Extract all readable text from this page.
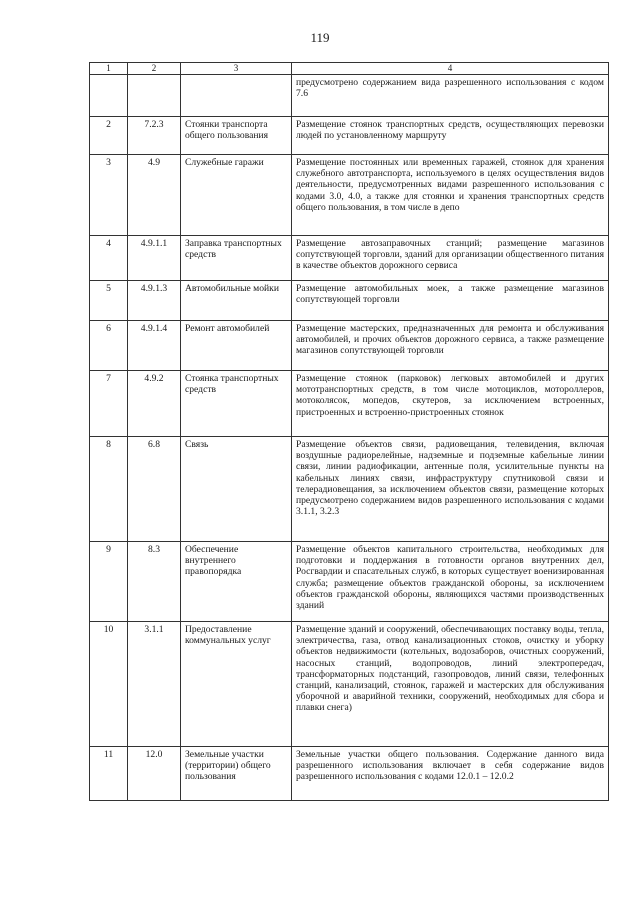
119
1	2	3	4
			предусмотрено содержанием вида разрешенного использования с кодом 7.6
2	7.2.3	Стоянки транспорта общего пользования	Размещение стоянок транспортных средств, осуществляющих перевозки людей по установленному маршруту
3	4.9	Служебные гаражи	Размещение постоянных или временных гаражей, стоянок для хранения служебного автотранспорта, используемого в целях осуществления видов деятельности, предусмотренных видами разрешенного использования с кодами 3.0, 4.0, а также для стоянки и хранения транспортных средств общего пользования, в том числе в депо
4	4.9.1.1	Заправка транспортных средств	Размещение автозаправочных станций; размещение магазинов сопутствующей торговли, зданий для организации общественного питания в качестве объектов дорожного сервиса
5	4.9.1.3	Автомобильные мойки	Размещение автомобильных моек, а также размещение магазинов сопутствующей торговли
6	4.9.1.4	Ремонт автомобилей	Размещение мастерских, предназначенных для ремонта и обслуживания автомобилей, и прочих объектов дорожного сервиса, а также размещение магазинов сопутствующей торговли
7	4.9.2	Стоянка транспортных средств	Размещение стоянок (парковок) легковых автомобилей и других мототранспортных средств, в том числе мотоциклов, мотороллеров, мотоколясок, мопедов, скутеров, за исключением встроенных, пристроенных и встроенно-пристроенных стоянок
8	6.8	Связь	Размещение объектов связи, радиовещания, телевидения, включая воздушные радиорелейные, надземные и подземные кабельные линии связи, линии радиофикации, антенные поля, усилительные пункты на кабельных линиях связи, инфраструктуру спутниковой связи и телерадиовещания, за исключением объектов связи, размещение которых предусмотрено содержанием видов разрешенного использования с кодами 3.1.1, 3.2.3
9	8.3	Обеспечение внутреннего правопорядка	Размещение объектов капитального строительства, необходимых для подготовки и поддержания в готовности органов внутренних дел, Росгвардии и спасательных служб, в которых существует военизированная служба; размещение объектов гражданской обороны, за исключением объектов гражданской обороны, являющихся частями производственных зданий
10	3.1.1	Предоставление коммунальных услуг	Размещение зданий и сооружений, обеспечивающих поставку воды, тепла, электричества, газа, отвод канализационных стоков, очистку и уборку объектов недвижимости (котельных, водозаборов, очистных сооружений, насосных станций, водопроводов, линий электропередач, трансформаторных подстанций, газопроводов, линий связи, телефонных станций, канализаций, стоянок, гаражей и мастерских для обслуживания уборочной и аварийной техники, сооружений, необходимых для сбора и плавки снега)
11	12.0	Земельные участки (территории) общего пользования	Земельные участки общего пользования. Содержание данного вида разрешенного использования включает в себя содержание видов разрешенного использования с кодами 12.0.1 – 12.0.2
